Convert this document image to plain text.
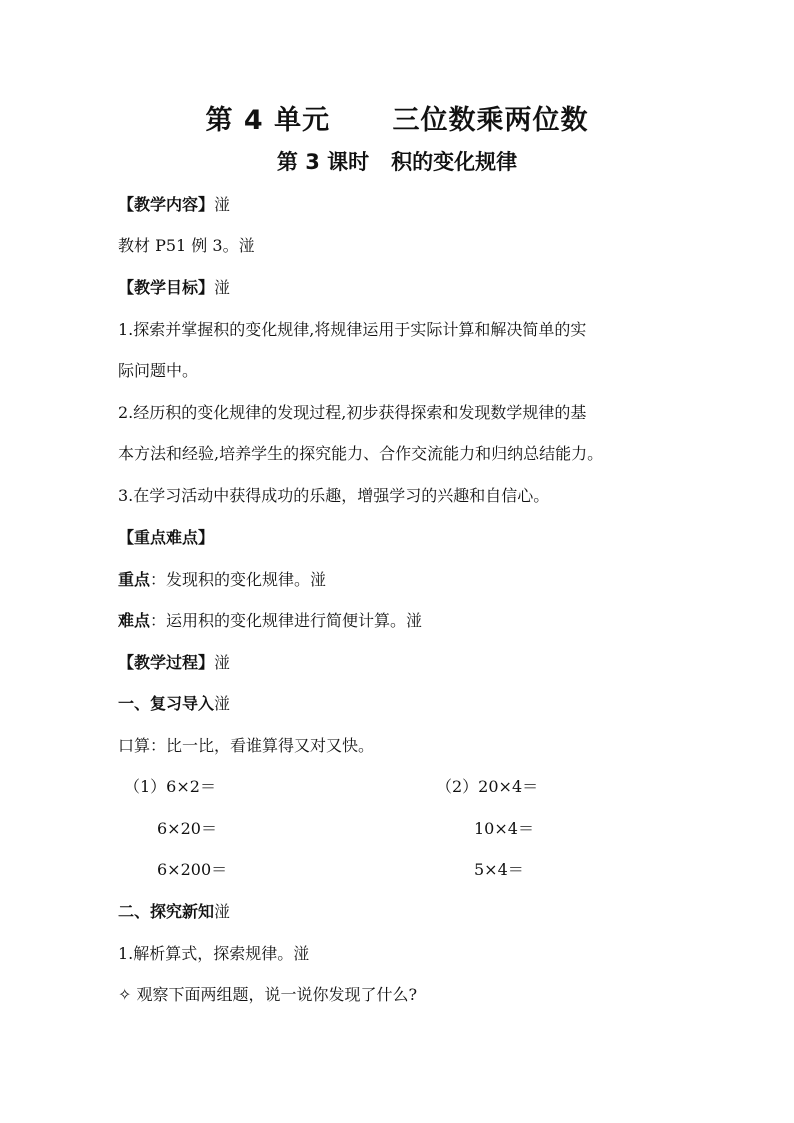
第 4 单元      三位数乘两位数
第 3 课时   积的变化规律
【教学内容】湴
教材 P51 例 3。湴
【教学目标】湴
1.探索并掌握积的变化规律,将规律运用于实际计算和解决简单的实
际问题中。
2.经历积的变化规律的发现过程,初步获得探索和发现数学规律的基
本方法和经验,培养学生的探究能力、合作交流能力和归纳总结能力。
3.在学习活动中获得成功的乐趣，增强学习的兴趣和自信心。
【重点难点】
重点：发现积的变化规律。湴
难点：运用积的变化规律进行简便计算。湴
【教学过程】湴
一、复习导入湴
口算：比一比，看谁算得又对又快。
（1）6×2＝	（2）20×4＝
6×20＝	10×4＝
6×200＝	5×4＝
二、探究新知湴
1.解析算式，探索规律。湴
✧ 观察下面两组题，说一说你发现了什么?
